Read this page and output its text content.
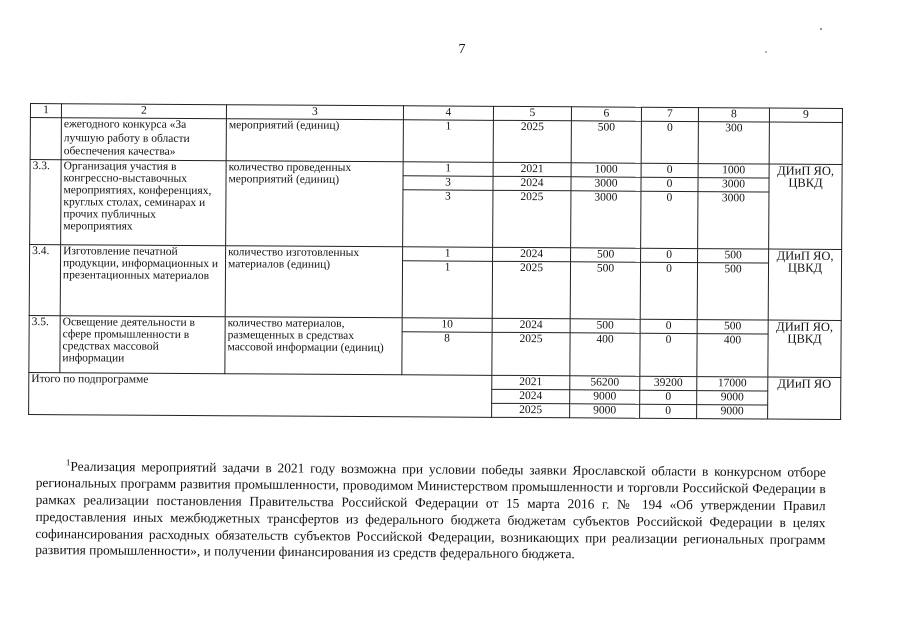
7
1	2	3	4	5	6	7	8	9
	ежегодного конкурса «За лучшую работу в области обеспечения качества»	мероприятий (единиц)	1	2025	500	0	300	
3.3.	Организация участия в конгрессно-выставочных мероприятиях, конференциях, круглых столах, семинарах и прочих публичных мероприятиях	количество проведенных мероприятий (единиц)	1	2021	1000	0	1000	ДИиП ЯО, ЦВКД
			3	2024	3000	0	3000	
			3	2025	3000	0	3000	
3.4.	Изготовление печатной продукции, информационных и презентационных материалов	количество изготовленных материалов (единиц)	1	2024	500	0	500	ДИиП ЯО, ЦВКД
			1	2025	500	0	500	
3.5.	Освещение деятельности в сфере промышленности в средствах массовой информации	количество материалов, размещенных в средствах массовой информации (единиц)	10	2024	500	0	500	ДИиП ЯО, ЦВКД
			8	2025	400	0	400	
Итого по подпрограмме				2021	56200	39200	17000	ДИиП ЯО
				2024	9000	0	9000	
				2025	9000	0	9000	

$^1$Реализация мероприятий задачи в 2021 году возможна при условии победы заявки Ярославской области в конкурсном отборе региональных программ развития промышленности, проводимом Министерством промышленности и торговли Российской Федерации в рамках реализации постановления Правительства Российской Федерации от 15 марта 2016 г. № 194 «Об утверждении Правил предоставления иных межбюджетных трансфертов из федерального бюджета бюджетам субъектов Российской Федерации в целях софинансирования расходных обязательств субъектов Российской Федерации, возникающих при реализации региональных программ развития промышленности», и получении финансирования из средств федерального бюджета.
